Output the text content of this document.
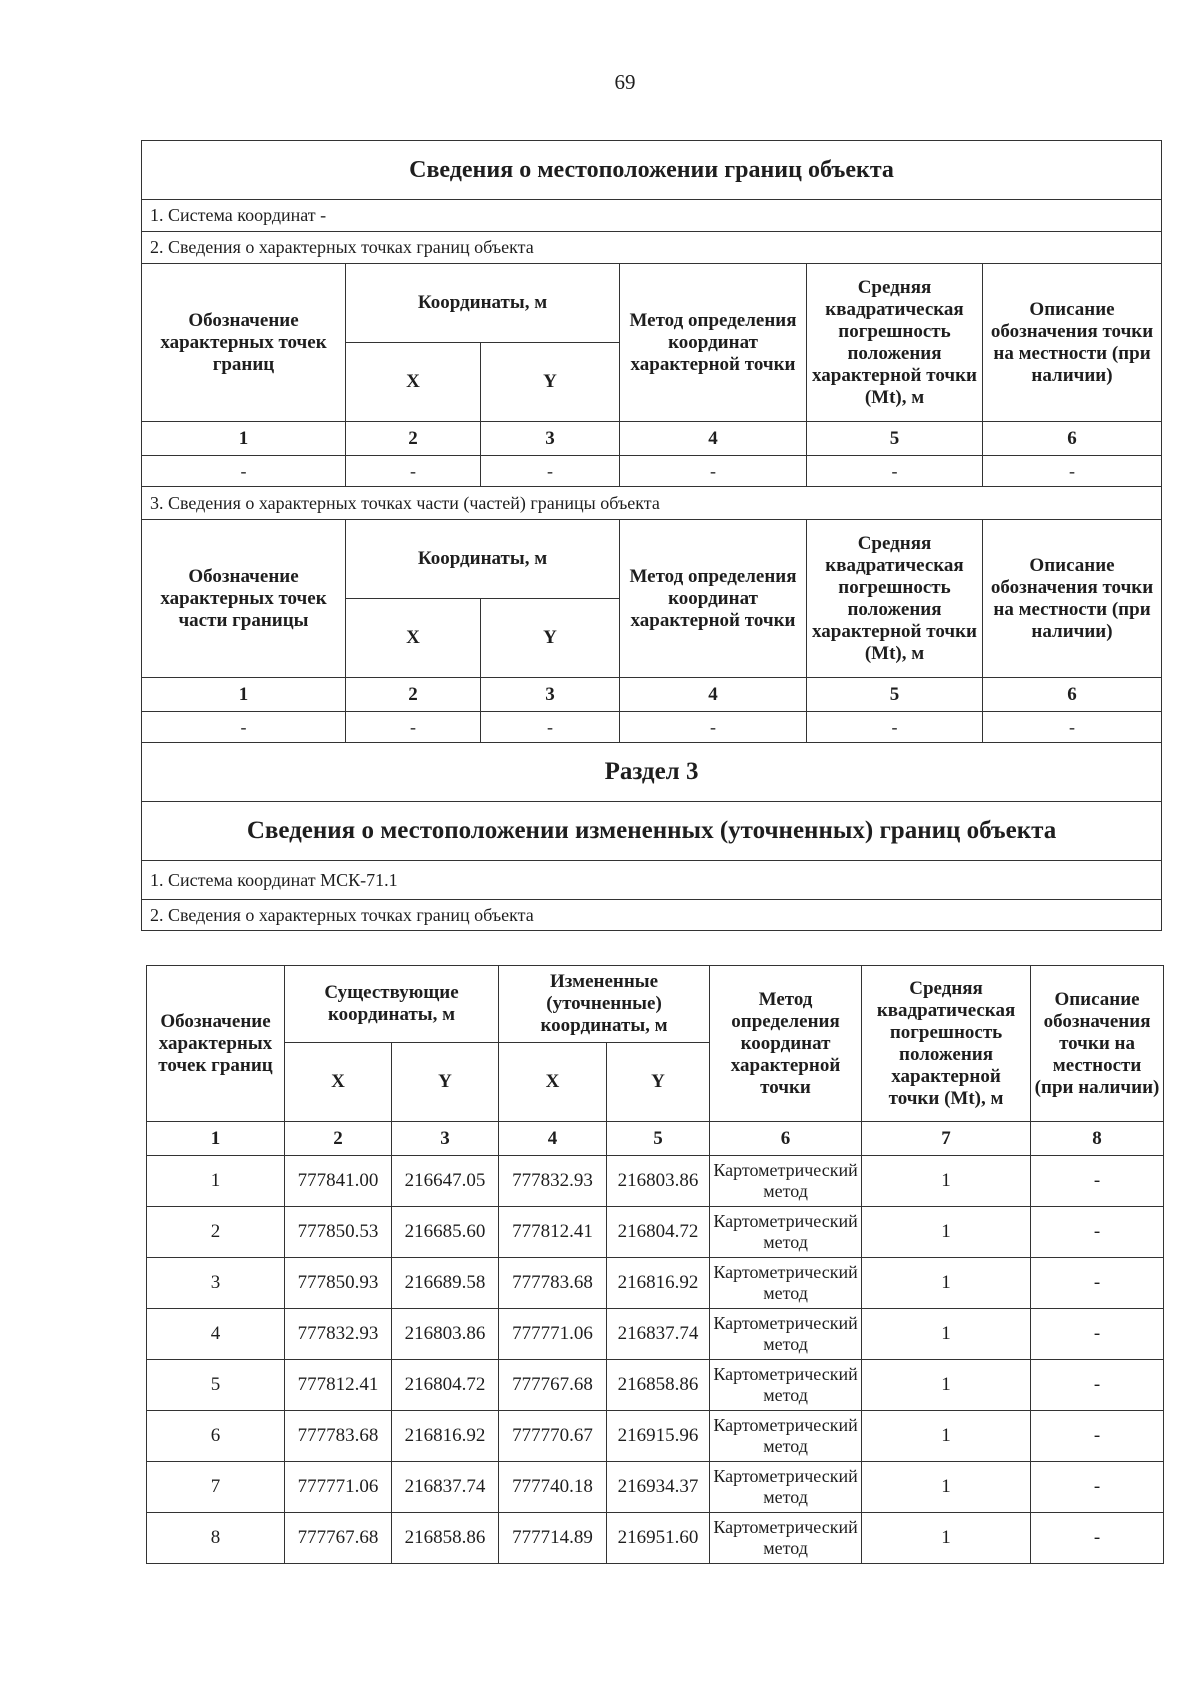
69
Сведения о местоположении границ объекта					
1. Система координат -					
2. Сведения о характерных точках границ объекта					
Обозначение характерных точек границ	Координаты, м		Метод определения координат характерной точки	Средняя квадратическая погрешность положения характерной точки (Mt), м	Описание обозначения точки на местности (при наличии)
	X	Y			
1	2	3	4	5	6
-	-	-	-	-	-
3. Сведения о характерных точках части (частей) границы объекта					
Обозначение характерных точек части границы	Координаты, м		Метод определения координат характерной точки	Средняя квадратическая погрешность положения характерной точки (Mt), м	Описание обозначения точки на местности (при наличии)
	X	Y			
1	2	3	4	5	6
-	-	-	-	-	-
Раздел 3					
Сведения о местоположении измененных (уточненных) границ объекта					
1. Система координат МСК-71.1					
2. Сведения о характерных точках границ объекта					
Обозначение характерных точек границ	Существующие координаты, м		Измененные (уточненные) координаты, м		Метод определения координат характерной точки	Средняя квадратическая погрешность положения характерной точки (Mt), м	Описание обозначения точки на местности (при наличии)
	X	Y	X	Y			
1	2	3	4	5	6	7	8
1	777841.00	216647.05	777832.93	216803.86	Картометрический метод	1	-
2	777850.53	216685.60	777812.41	216804.72	Картометрический метод	1	-
3	777850.93	216689.58	777783.68	216816.92	Картометрический метод	1	-
4	777832.93	216803.86	777771.06	216837.74	Картометрический метод	1	-
5	777812.41	216804.72	777767.68	216858.86	Картометрический метод	1	-
6	777783.68	216816.92	777770.67	216915.96	Картометрический метод	1	-
7	777771.06	216837.74	777740.18	216934.37	Картометрический метод	1	-
8	777767.68	216858.86	777714.89	216951.60	Картометрический метод	1	-
